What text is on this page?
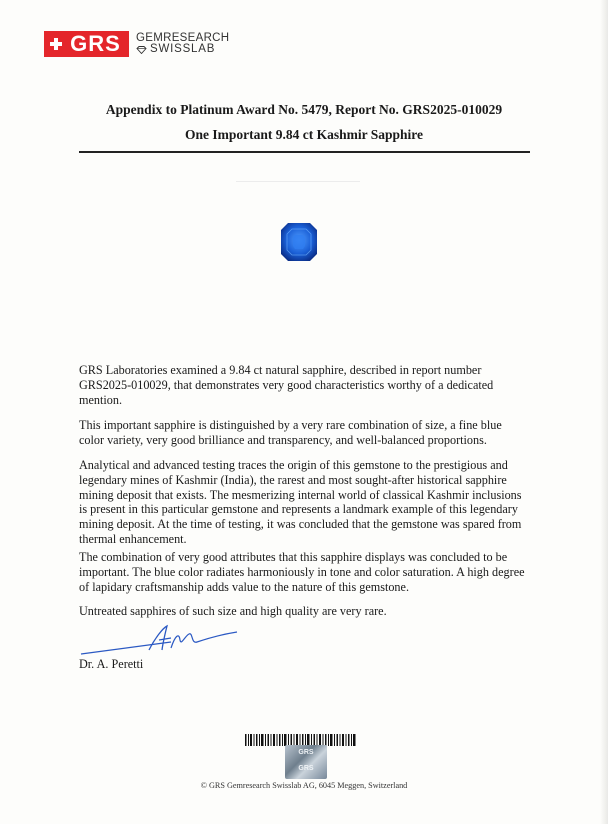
GRS GEMRESEARCH
SWISSLAB
Appendix to Platinum Award No. 5479, Report No. GRS2025-010029
One Important 9.84 ct Kashmir Sapphire

GRS Laboratories examined a 9.84 ct natural sapphire, described in report number GRS2025-010029, that demonstrates very good characteristics worthy of a dedicated mention.

This important sapphire is distinguished by a very rare combination of size, a fine blue color variety, very good brilliance and transparency, and well-balanced proportions.

Analytical and advanced testing traces the origin of this gemstone to the prestigious and legendary mines of Kashmir (India), the rarest and most sought-after historical sapphire mining deposit that exists. The mesmerizing internal world of classical Kashmir inclusions is present in this particular gemstone and represents a landmark example of this legendary mining deposit. At the time of testing, it was concluded that the gemstone was spared from thermal enhancement.

The combination of very good attributes that this sapphire displays was concluded to be important. The blue color radiates harmoniously in tone and color saturation. A high degree of lapidary craftsmanship adds value to the nature of this gemstone.

Untreated sapphires of such size and high quality are very rare.

Dr. A. Peretti
GRS
GRS
© GRS Gemresearch Swisslab AG, 6045 Meggen, Switzerland
